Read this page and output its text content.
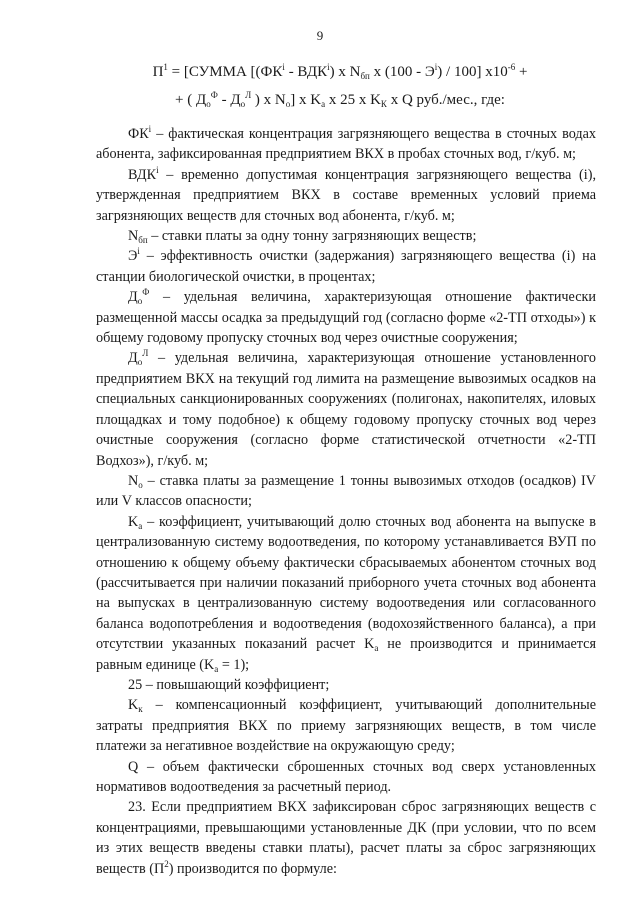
9
$П^1$ = [СУММА [$(ФК^i - ВДК^i)$ x $N_{бп}$ x $(100 - Э^i) / 100$] $x10^{-6}$ +
+ ( $Д_о^Ф - Д_о^Л$ ) x $N_о$] x $K_а$ x 25 x $K_К$ x Q руб./мес., где:

$ФК^i$ – фактическая концентрация загрязняющего вещества в сточных водах абонента, зафиксированная предприятием ВКХ в пробах сточных вод, г/куб. м;

ВДК$^i$ – временно допустимая концентрация загрязняющего вещества (i), утвержденная предприятием ВКХ в составе временных условий приема загрязняющих веществ для сточных вод абонента, г/куб. м;

$N_{бп}$ – ставки платы за одну тонну загрязняющих веществ;

$Э^i$ – эффективность очистки (задержания) загрязняющего вещества (i) на станции биологической очистки, в процентах;

$Д_о^Ф$ – удельная величина, характеризующая отношение фактически размещенной массы осадка за предыдущий год (согласно форме «2-ТП отходы») к общему годовому пропуску сточных вод через очистные сооружения;

$Д_о^Л$ – удельная величина, характеризующая отношение установленного предприятием ВКХ на текущий год лимита на размещение вывозимых осадков на специальных санкционированных сооружениях (полигонах, накопителях, иловых площадках и тому подобное) к общему годовому пропуску сточных вод через очистные сооружения (согласно форме статистической отчетности «2-ТП Водхоз»), г/куб. м;

$N_о$ – ставка платы за размещение 1 тонны вывозимых отходов (осадков) IV или V классов опасности;

$K_а$ – коэффициент, учитывающий долю сточных вод абонента на выпуске в централизованную систему водоотведения, по которому устанавливается ВУП по отношению к общему объему фактически сбрасываемых абонентом сточных вод (рассчитывается при наличии показаний приборного учета сточных вод абонента на выпусках в централизованную систему водоотведения или согласованного баланса водопотребления и водоотведения (водохозяйственного баланса), а при отсутствии указанных показаний расчет $K_а$ не производится и принимается равным единице $(K_а = 1)$;

25 – повышающий коэффициент;

$K_к$ – компенсационный коэффициент, учитывающий дополнительные затраты предприятия ВКХ по приему загрязняющих веществ, в том числе платежи за негативное воздействие на окружающую среду;

Q – объем фактически сброшенных сточных вод сверх установленных нормативов водоотведения за расчетный период.

23. Если предприятием ВКХ зафиксирован сброс загрязняющих веществ с концентрациями, превышающими установленные ДК (при условии, что по всем из этих веществ введены ставки платы), расчет платы за сброс загрязняющих веществ $(П^2)$ производится по формуле:
